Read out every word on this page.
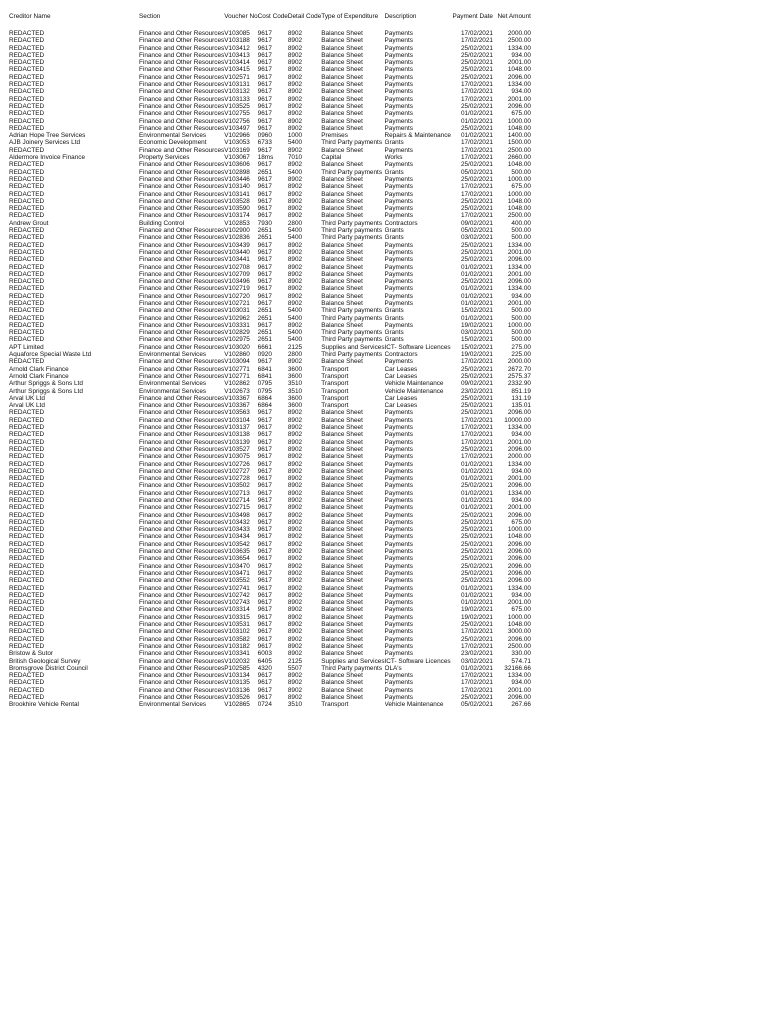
Creditor Name	Section	Voucher No	Cost Code	Detail Code	Type of Expenditure	Description	Payment Date	Net Amount
REDACTED	Finance and Other Resources	V103085	9617	8902	Balance Sheet	Payments	17/02/2021	2000.00
REDACTED	Finance and Other Resources	V103188	9617	8902	Balance Sheet	Payments	17/02/2021	2500.00
REDACTED	Finance and Other Resources	V103412	9617	8902	Balance Sheet	Payments	25/02/2021	1334.00
REDACTED	Finance and Other Resources	V103413	9617	8902	Balance Sheet	Payments	25/02/2021	934.00
REDACTED	Finance and Other Resources	V103414	9617	8902	Balance Sheet	Payments	25/02/2021	2001.00
REDACTED	Finance and Other Resources	V103415	9617	8902	Balance Sheet	Payments	25/02/2021	1048.00
REDACTED	Finance and Other Resources	V102571	9617	8902	Balance Sheet	Payments	25/02/2021	2096.00
REDACTED	Finance and Other Resources	V103131	9617	8902	Balance Sheet	Payments	17/02/2021	1334.00
REDACTED	Finance and Other Resources	V103132	9617	8902	Balance Sheet	Payments	17/02/2021	934.00
REDACTED	Finance and Other Resources	V103133	9617	8902	Balance Sheet	Payments	17/02/2021	2001.00
REDACTED	Finance and Other Resources	V103525	9617	8902	Balance Sheet	Payments	25/02/2021	2096.00
REDACTED	Finance and Other Resources	V102755	9617	8902	Balance Sheet	Payments	01/02/2021	675.00
REDACTED	Finance and Other Resources	V102756	9617	8902	Balance Sheet	Payments	01/02/2021	1000.00
REDACTED	Finance and Other Resources	V103497	9617	8902	Balance Sheet	Payments	25/02/2021	1048.00
Adrian Hope Tree Services	Environmental Services	V102966	0960	1000	Premises	Repairs & Maintenance	01/02/2021	1400.00
AJB Joinery Services Ltd	Economic Development	V103053	6733	5400	Third Party payments	Grants	17/02/2021	1500.00
REDACTED	Finance and Other Resources	V103169	9617	8902	Balance Sheet	Payments	17/02/2021	2500.00
Aldermore Invoice Finance	Property Services	V103067	18ms	7010	Capital	Works	17/02/2021	2660.00
REDACTED	Finance and Other Resources	V103606	9617	8902	Balance Sheet	Payments	25/02/2021	1048.00
REDACTED	Finance and Other Resources	V102898	2651	5400	Third Party payments	Grants	05/02/2021	500.00
REDACTED	Finance and Other Resources	V103446	9617	8902	Balance Sheet	Payments	25/02/2021	1000.00
REDACTED	Finance and Other Resources	V103140	9617	8902	Balance Sheet	Payments	17/02/2021	675.00
REDACTED	Finance and Other Resources	V103141	9617	8902	Balance Sheet	Payments	17/02/2021	1000.00
REDACTED	Finance and Other Resources	V103528	9617	8902	Balance Sheet	Payments	25/02/2021	1048.00
REDACTED	Finance and Other Resources	V103590	9617	8902	Balance Sheet	Payments	25/02/2021	1048.00
REDACTED	Finance and Other Resources	V103174	9617	8902	Balance Sheet	Payments	17/02/2021	2500.00
Andrew Grout	Building Control	V102853	7930	2800	Third Party payments	Contractors	09/02/2021	400.00
REDACTED	Finance and Other Resources	V102900	2651	5400	Third Party payments	Grants	05/02/2021	500.00
REDACTED	Finance and Other Resources	V102836	2651	5400	Third Party payments	Grants	03/02/2021	500.00
REDACTED	Finance and Other Resources	V103439	9617	8902	Balance Sheet	Payments	25/02/2021	1334.00
REDACTED	Finance and Other Resources	V103440	9617	8902	Balance Sheet	Payments	25/02/2021	2001.00
REDACTED	Finance and Other Resources	V103441	9617	8902	Balance Sheet	Payments	25/02/2021	2096.00
REDACTED	Finance and Other Resources	V102708	9617	8902	Balance Sheet	Payments	01/02/2021	1334.00
REDACTED	Finance and Other Resources	V102709	9617	8902	Balance Sheet	Payments	01/02/2021	2001.00
REDACTED	Finance and Other Resources	V103496	9617	8902	Balance Sheet	Payments	25/02/2021	2096.00
REDACTED	Finance and Other Resources	V102719	9617	8902	Balance Sheet	Payments	01/02/2021	1334.00
REDACTED	Finance and Other Resources	V102720	9617	8902	Balance Sheet	Payments	01/02/2021	934.00
REDACTED	Finance and Other Resources	V102721	9617	8902	Balance Sheet	Payments	01/02/2021	2001.00
REDACTED	Finance and Other Resources	V103031	2651	5400	Third Party payments	Grants	15/02/2021	500.00
REDACTED	Finance and Other Resources	V102962	2651	5400	Third Party payments	Grants	01/02/2021	500.00
REDACTED	Finance and Other Resources	V103331	9617	8902	Balance Sheet	Payments	19/02/2021	1000.00
REDACTED	Finance and Other Resources	V102829	2651	5400	Third Party payments	Grants	03/02/2021	500.00
REDACTED	Finance and Other Resources	V102975	2651	5400	Third Party payments	Grants	15/02/2021	500.00
APT Limited	Finance and Other Resources	V103020	6661	2125	Supplies and Services	ICT- Software Licences	15/02/2021	275.00
Aquaforce Special Waste Ltd	Environmental Services	V102860	0920	2800	Third Party payments	Contractors	19/02/2021	225.00
REDACTED	Finance and Other Resources	V103094	9617	8902	Balance Sheet	Payments	17/02/2021	2000.00
Arnold Clark Finance	Finance and Other Resources	V102771	6841	3600	Transport	Car Leases	25/02/2021	2672.70
Arnold Clark Finance	Finance and Other Resources	V102771	6841	3600	Transport	Car Leases	25/02/2021	2575.37
Arthur Spriggs & Sons Ltd	Environmental Services	V102862	0795	3510	Transport	Vehicle Maintenance	09/02/2021	2332.90
Arthur Spriggs & Sons Ltd	Environmental Services	V102673	0795	3510	Transport	Vehicle Maintenance	23/02/2021	851.19
Arval UK Ltd	Finance and Other Resources	V103367	6864	3600	Transport	Car Leases	25/02/2021	131.19
Arval UK Ltd	Finance and Other Resources	V103367	6864	3600	Transport	Car Leases	25/02/2021	135.01
REDACTED	Finance and Other Resources	V103563	9617	8902	Balance Sheet	Payments	25/02/2021	2096.00
REDACTED	Finance and Other Resources	V103104	9617	8902	Balance Sheet	Payments	17/02/2021	10000.00
REDACTED	Finance and Other Resources	V103137	9617	8902	Balance Sheet	Payments	17/02/2021	1334.00
REDACTED	Finance and Other Resources	V103138	9617	8902	Balance Sheet	Payments	17/02/2021	934.00
REDACTED	Finance and Other Resources	V103139	9617	8902	Balance Sheet	Payments	17/02/2021	2001.00
REDACTED	Finance and Other Resources	V103527	9617	8902	Balance Sheet	Payments	25/02/2021	2096.00
REDACTED	Finance and Other Resources	V103075	9617	8902	Balance Sheet	Payments	17/02/2021	2000.00
REDACTED	Finance and Other Resources	V102726	9617	8902	Balance Sheet	Payments	01/02/2021	1334.00
REDACTED	Finance and Other Resources	V102727	9617	8902	Balance Sheet	Payments	01/02/2021	934.00
REDACTED	Finance and Other Resources	V102728	9617	8902	Balance Sheet	Payments	01/02/2021	2001.00
REDACTED	Finance and Other Resources	V103502	9617	8902	Balance Sheet	Payments	25/02/2021	2096.00
REDACTED	Finance and Other Resources	V102713	9617	8902	Balance Sheet	Payments	01/02/2021	1334.00
REDACTED	Finance and Other Resources	V102714	9617	8902	Balance Sheet	Payments	01/02/2021	934.00
REDACTED	Finance and Other Resources	V102715	9617	8902	Balance Sheet	Payments	01/02/2021	2001.00
REDACTED	Finance and Other Resources	V103498	9617	8902	Balance Sheet	Payments	25/02/2021	2096.00
REDACTED	Finance and Other Resources	V103432	9617	8902	Balance Sheet	Payments	25/02/2021	675.00
REDACTED	Finance and Other Resources	V103433	9617	8902	Balance Sheet	Payments	25/02/2021	1000.00
REDACTED	Finance and Other Resources	V103434	9617	8902	Balance Sheet	Payments	25/02/2021	1048.00
REDACTED	Finance and Other Resources	V103542	9617	8902	Balance Sheet	Payments	25/02/2021	2096.00
REDACTED	Finance and Other Resources	V103635	9617	8902	Balance Sheet	Payments	25/02/2021	2096.00
REDACTED	Finance and Other Resources	V103654	9617	8902	Balance Sheet	Payments	25/02/2021	2096.00
REDACTED	Finance and Other Resources	V103470	9617	8902	Balance Sheet	Payments	25/02/2021	2096.00
REDACTED	Finance and Other Resources	V103471	9617	8902	Balance Sheet	Payments	25/02/2021	2096.00
REDACTED	Finance and Other Resources	V103552	9617	8902	Balance Sheet	Payments	25/02/2021	2096.00
REDACTED	Finance and Other Resources	V102741	9617	8902	Balance Sheet	Payments	01/02/2021	1334.00
REDACTED	Finance and Other Resources	V102742	9617	8902	Balance Sheet	Payments	01/02/2021	934.00
REDACTED	Finance and Other Resources	V102743	9617	8902	Balance Sheet	Payments	01/02/2021	2001.00
REDACTED	Finance and Other Resources	V103314	9617	8902	Balance Sheet	Payments	19/02/2021	675.00
REDACTED	Finance and Other Resources	V103315	9617	8902	Balance Sheet	Payments	19/02/2021	1000.00
REDACTED	Finance and Other Resources	V103531	9617	8902	Balance Sheet	Payments	25/02/2021	1048.00
REDACTED	Finance and Other Resources	V103102	9617	8902	Balance Sheet	Payments	17/02/2021	3000.00
REDACTED	Finance and Other Resources	V103582	9617	8902	Balance Sheet	Payments	25/02/2021	2096.00
REDACTED	Finance and Other Resources	V103182	9617	8902	Balance Sheet	Payments	17/02/2021	2500.00
Bristow & Sutor	Finance and Other Resources	V103341	6003	8902	Balance Sheet	Payments	23/02/2021	330.00
British Geological Survey	Finance and Other Resources	V102032	6405	2125	Supplies and Services	ICT- Software Licences	03/02/2021	574.71
Bromsgrove District Council	Finance and Other Resources	P102585	4320	5507	Third Party payments	OLA's	01/02/2021	32166.66
REDACTED	Finance and Other Resources	V103134	9617	8902	Balance Sheet	Payments	17/02/2021	1334.00
REDACTED	Finance and Other Resources	V103135	9617	8902	Balance Sheet	Payments	17/02/2021	934.00
REDACTED	Finance and Other Resources	V103136	9617	8902	Balance Sheet	Payments	17/02/2021	2001.00
REDACTED	Finance and Other Resources	V103526	9617	8902	Balance Sheet	Payments	25/02/2021	2096.00
Brookhire Vehicle Rental	Environmental Services	V102865	0724	3510	Transport	Vehicle Maintenance	05/02/2021	267.66
